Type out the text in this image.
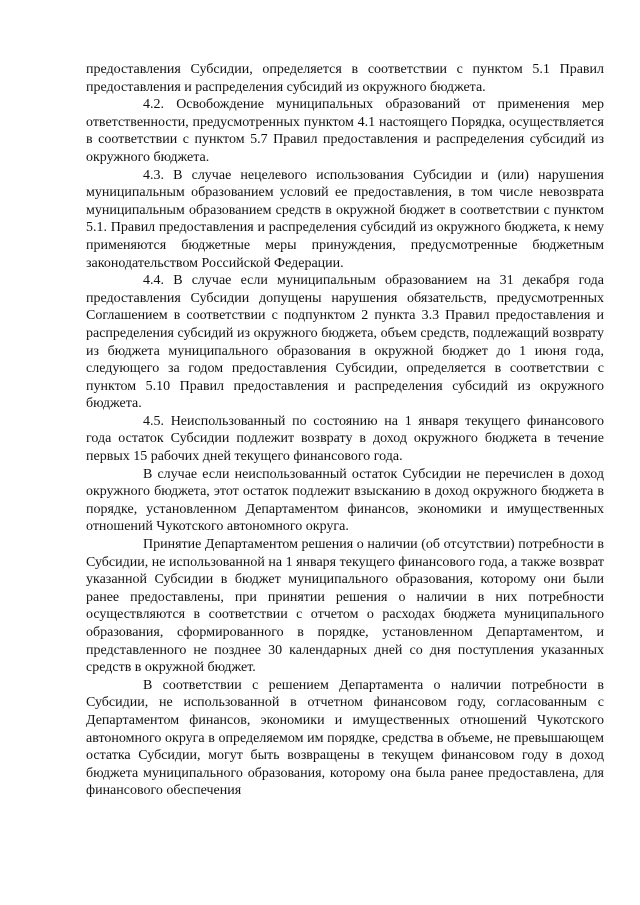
предоставления Субсидии, определяется в соответствии с пунктом 5.1 Правил предоставления и распределения субсидий из окружного бюджета.

4.2. Освобождение муниципальных образований от применения мер ответственности, предусмотренных пунктом 4.1 настоящего Порядка, осуществляется в соответствии с пунктом 5.7 Правил предоставления и распределения субсидий из окружного бюджета.

4.3. В случае нецелевого использования Субсидии и (или) нарушения муниципальным образованием условий ее предоставления, в том числе невозврата муниципальным образованием средств в окружной бюджет в соответствии с пунктом 5.1. Правил предоставления и распределения субсидий из окружного бюджета, к нему применяются бюджетные меры принуждения, предусмотренные бюджетным законодательством Российской Федерации.

4.4. В случае если муниципальным образованием на 31 декабря года предоставления Субсидии допущены нарушения обязательств, предусмотренных Соглашением в соответствии с подпунктом 2 пункта 3.3 Правил предоставления и распределения субсидий из окружного бюджета, объем средств, подлежащий возврату из бюджета муниципального образования в окружной бюджет до 1 июня года, следующего за годом предоставления Субсидии, определяется в соответствии с пунктом 5.10 Правил предоставления и распределения субсидий из окружного бюджета.

4.5. Неиспользованный по состоянию на 1 января текущего финансового года остаток Субсидии подлежит возврату в доход окружного бюджета в течение первых 15 рабочих дней текущего финансового года.

В случае если неиспользованный остаток Субсидии не перечислен в доход окружного бюджета, этот остаток подлежит взысканию в доход окружного бюджета в порядке, установленном Департаментом финансов, экономики и имущественных отношений Чукотского автономного округа.

Принятие Департаментом решения о наличии (об отсутствии) потребности в Субсидии, не использованной на 1 января текущего финансового года, а также возврат указанной Субсидии в бюджет муниципального образования, которому они были ранее предоставлены, при принятии решения о наличии в них потребности осуществляются в соответствии с отчетом о расходах бюджета муниципального образования, сформированного в порядке, установленном Департаментом, и представленного не позднее 30 календарных дней со дня поступления указанных средств в окружной бюджет.

В соответствии с решением Департамента о наличии потребности в Субсидии, не использованной в отчетном финансовом году, согласованным с Департаментом финансов, экономики и имущественных отношений Чукотского автономного округа в определяемом им порядке, средства в объеме, не превышающем остатка Субсидии, могут быть возвращены в текущем финансовом году в доход бюджета муниципального образования, которому она была ранее предоставлена, для финансового обеспечения
